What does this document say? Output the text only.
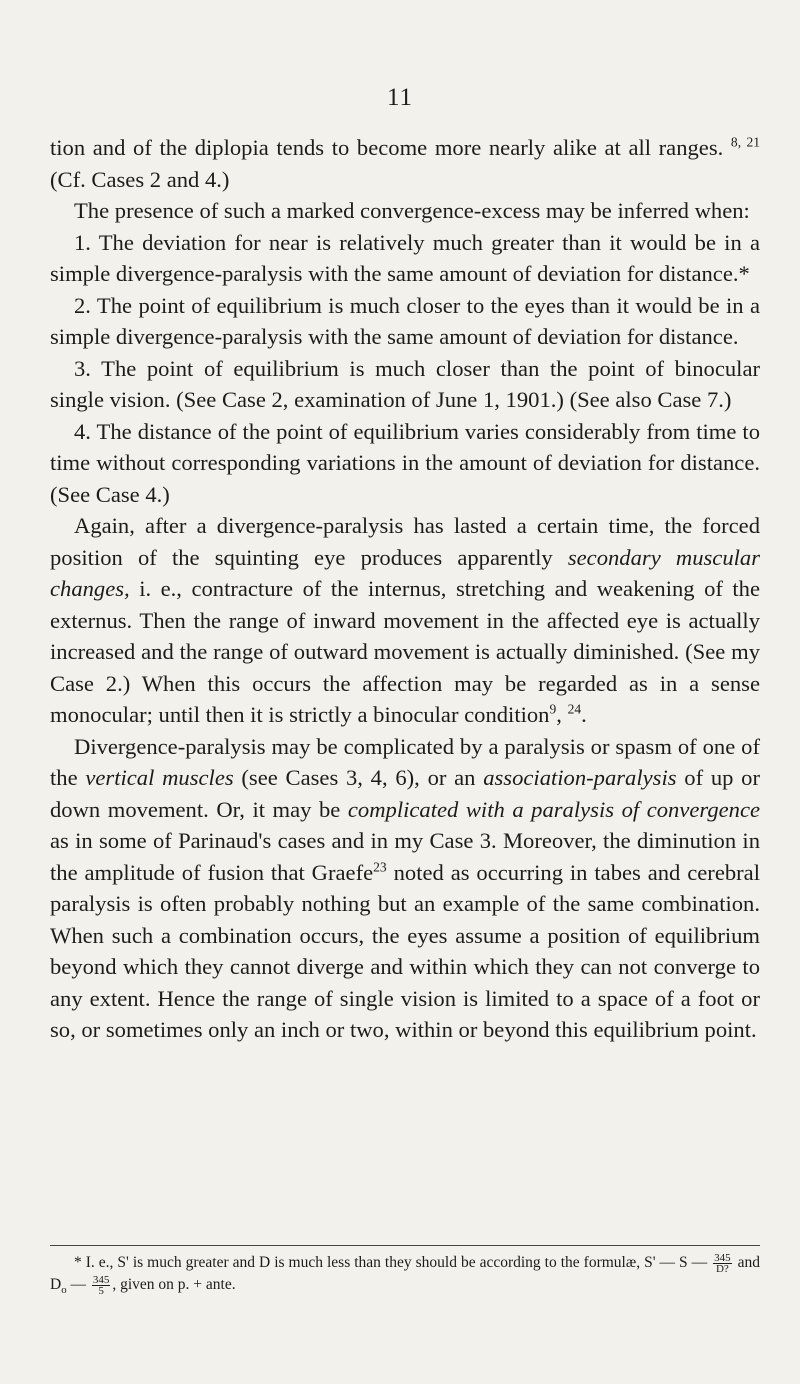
11

tion and of the diplopia tends to become more nearly alike at all ranges. $^{8, 21}$ (Cf. Cases 2 and 4.)

The presence of such a marked convergence-excess may be inferred when:

1. The deviation for near is relatively much greater than it would be in a simple divergence-paralysis with the same amount of deviation for distance.*

2. The point of equilibrium is much closer to the eyes than it would be in a simple divergence-paralysis with the same amount of deviation for distance.

3. The point of equilibrium is much closer than the point of binocular single vision. (See Case 2, examination of June 1, 1901.) (See also Case 7.)

4. The distance of the point of equilibrium varies considerably from time to time without corresponding variations in the amount of deviation for distance. (See Case 4.)

Again, after a divergence-paralysis has lasted a certain time, the forced position of the squinting eye produces apparently secondary muscular changes, i. e., contracture of the internus, stretching and weakening of the externus. Then the range of inward movement in the affected eye is actually increased and the range of outward movement is actually diminished. (See my Case 2.) When this occurs the affection may be regarded as in a sense monocular; until then it is strictly a binocular condition$^9$, $^{24}$.

Divergence-paralysis may be complicated by a paralysis or spasm of one of the vertical muscles (see Cases 3, 4, 6), or an association-paralysis of up or down movement. Or, it may be complicated with a paralysis of convergence as in some of Parinaud's cases and in my Case 3. Moreover, the diminution in the amplitude of fusion that Graefe$^{23}$ noted as occurring in tabes and cerebral paralysis is often probably nothing but an example of the same combination. When such a combination occurs, the eyes assume a position of equilibrium beyond which they cannot diverge and within which they can not converge to any extent. Hence the range of single vision is limited to a space of a foot or so, or sometimes only an inch or two, within or beyond this equilibrium point.

* I. e., S' is much greater and D is much less than they should be according to the formulæ, S' — S — $\frac{345}{D?}$ and $D_o$ — $\frac{345}{5}$ , given on p. + ante.
